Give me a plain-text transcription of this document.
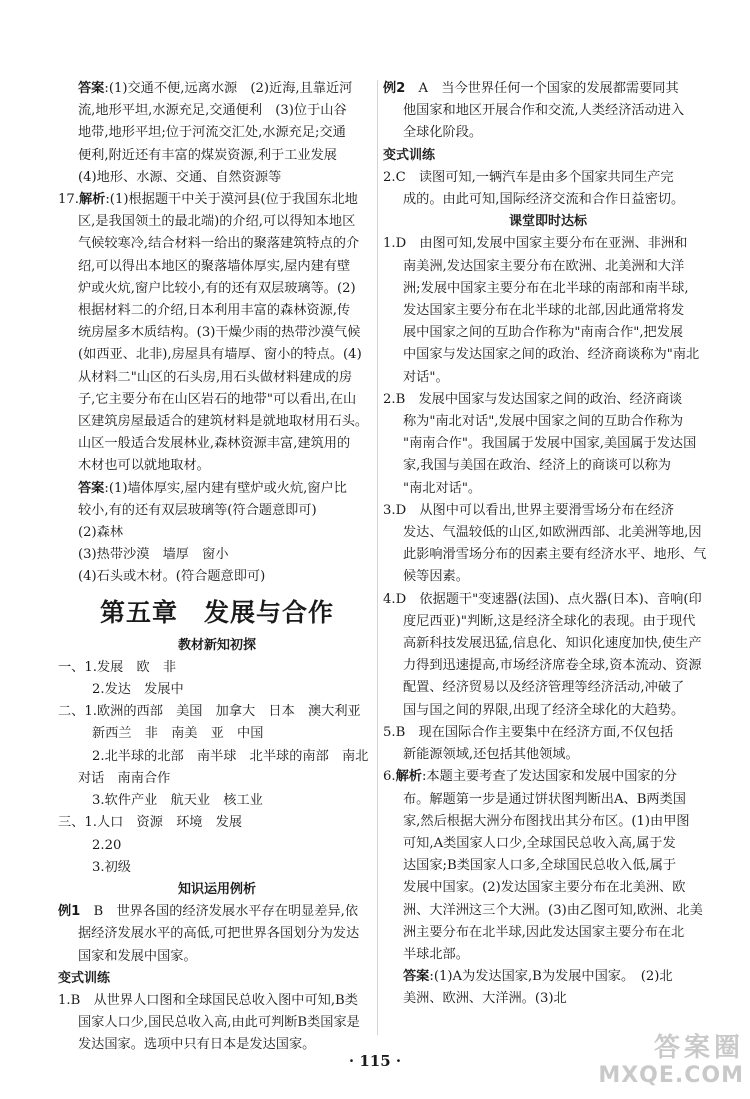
答案:(1)交通不便,远离水源　(2)近海,且靠近河

流,地形平坦,水源充足,交通便利　(3)位于山谷

地带,地形平坦;位于河流交汇处,水源充足;交通

便利,附近还有丰富的煤炭资源,利于工业发展

(4)地形、水源、交通、自然资源等

17.解析:(1)根据题干中关于漠河县(位于我国东北地

区,是我国领土的最北端)的介绍,可以得知本地区

气候较寒冷,结合材料一给出的聚落建筑特点的介

绍,可以得出本地区的聚落墙体厚实,屋内建有壁

炉或火炕,窗户比较小,有的还有双层玻璃等。(2)

根据材料二的介绍,日本利用丰富的森林资源,传

统房屋多木质结构。(3)干燥少雨的热带沙漠气候

(如西亚、北非),房屋具有墙厚、窗小的特点。(4)

从材料二"山区的石头房,用石头做材料建成的房

子,它主要分布在山区岩石的地带"可以看出,在山

区建筑房屋最适合的建筑材料是就地取材用石头。

山区一般适合发展林业,森林资源丰富,建筑用的

木材也可以就地取材。

答案:(1)墙体厚实,屋内建有壁炉或火炕,窗户比

较小,有的还有双层玻璃等(符合题意即可)

(2)森林

(3)热带沙漠　墙厚　窗小

(4)石头或木材。(符合题意即可)

第五章　发展与合作

教材新知初探

一、1.发展　欧　非

2.发达　发展中

二、1.欧洲的西部　美国　加拿大　日本　澳大利亚

新西兰　非　南美　亚　中国

2.北半球的北部　南半球　北半球的南部　南北

对话　南南合作

3.软件产业　航天业　核工业

三、1.人口　资源　环境　发展

2.20

3.初级

知识运用例析

例1　B　世界各国的经济发展水平存在明显差异,依

据经济发展水平的高低,可把世界各国划分为发达

国家和发展中国家。

变式训练

1.B　从世界人口图和全球国民总收入图中可知,B类

国家人口少,国民总收入高,由此可判断B类国家是

发达国家。选项中只有日本是发达国家。

例2　A　当今世界任何一个国家的发展都需要同其

他国家和地区开展合作和交流,人类经济活动进入

全球化阶段。

变式训练

2.C　读图可知,一辆汽车是由多个国家共同生产完

成的。由此可知,国际经济交流和合作日益密切。

课堂即时达标

1.D　由图可知,发展中国家主要分布在亚洲、非洲和

南美洲,发达国家主要分布在欧洲、北美洲和大洋

洲;发展中国家主要分布在北半球的南部和南半球,

发达国家主要分布在北半球的北部,因此通常将发

展中国家之间的互助合作称为"南南合作",把发展

中国家与发达国家之间的政治、经济商谈称为"南北

对话"。

2.B　发展中国家与发达国家之间的政治、经济商谈

称为"南北对话",发展中国家之间的互助合作称为

"南南合作"。我国属于发展中国家,美国属于发达国

家,我国与美国在政治、经济上的商谈可以称为

"南北对话"。

3.D　从图中可以看出,世界主要滑雪场分布在经济

发达、气温较低的山区,如欧洲西部、北美洲等地,因

此影响滑雪场分布的因素主要有经济水平、地形、气

候等因素。

4.D　依据题干"变速器(法国)、点火器(日本)、音响(印

度尼西亚)"判断,这是经济全球化的表现。由于现代

高新科技发展迅猛,信息化、知识化速度加快,使生产

力得到迅速提高,市场经济席卷全球,资本流动、资源

配置、经济贸易以及经济管理等经济活动,冲破了

国与国之间的界限,出现了经济全球化的大趋势。

5.B　现在国际合作主要集中在经济方面,不仅包括

新能源领域,还包括其他领域。

6.解析:本题主要考查了发达国家和发展中国家的分

布。解题第一步是通过饼状图判断出A、B两类国

家,然后根据大洲分布图找出其分布区。(1)由甲图

可知,A类国家人口少,全球国民总收入高,属于发

达国家;B类国家人口多,全球国民总收入低,属于

发展中国家。(2)发达国家主要分布在北美洲、欧

洲、大洋洲这三个大洲。(3)由乙图可知,欧洲、北美

洲主要分布在北半球,因此发达国家主要分布在北

半球北部。

答案:(1)A为发达国家,B为发展中国家。　(2)北

美洲、欧洲、大洋洲。(3)北

· 115 ·	答案圈
MXQE.COM
